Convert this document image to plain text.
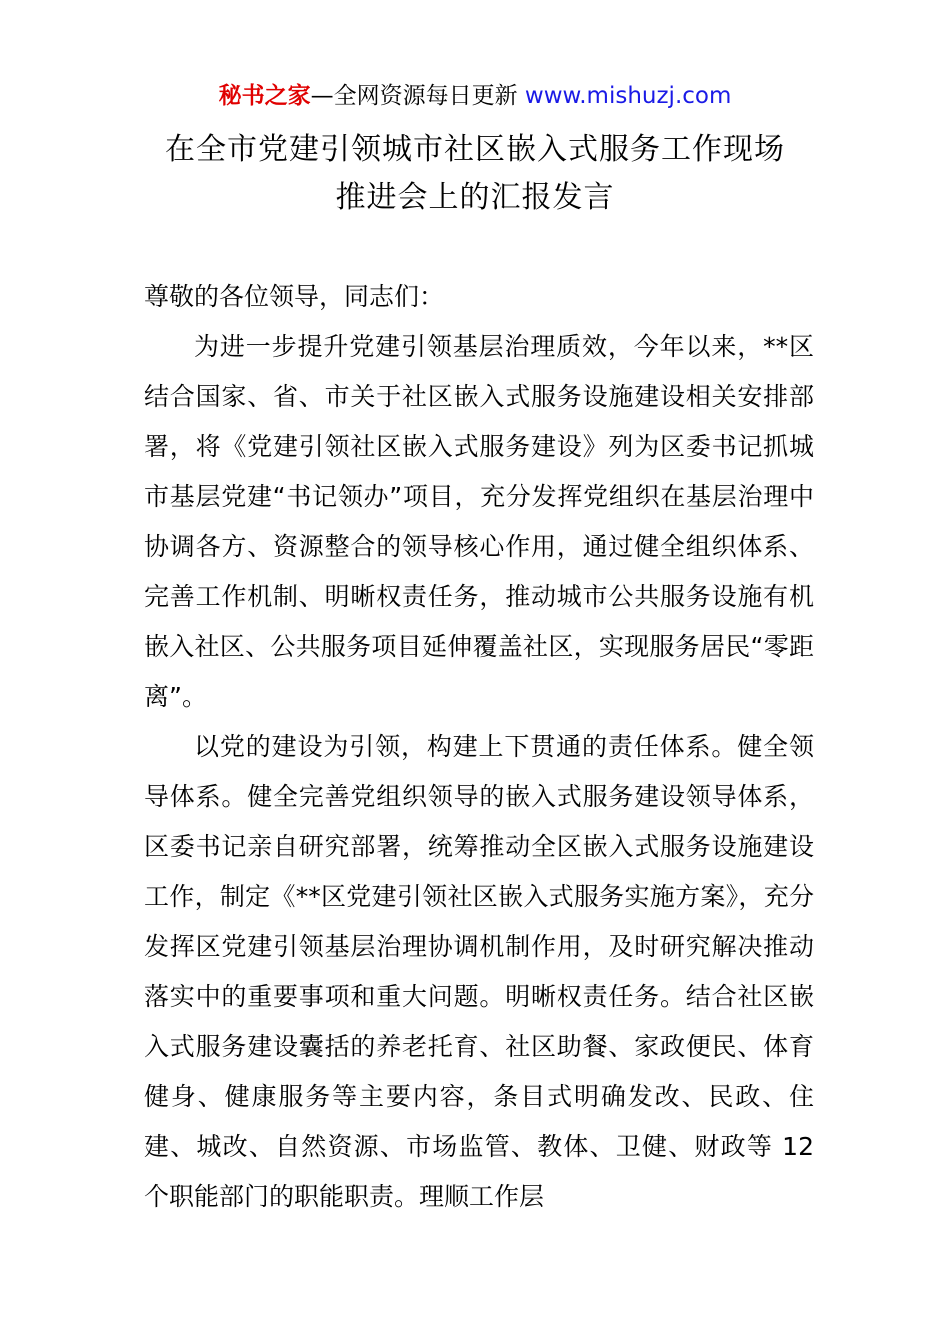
秘书之家—全网资源每日更新 www.mishuzj.com
在全市党建引领城市社区嵌入式服务工作现场
推进会上的汇报发言

尊敬的各位领导，同志们：

为进一步提升党建引领基层治理质效，今年以来，**区结合国家、省、市关于社区嵌入式服务设施建设相关安排部署，将《党建引领社区嵌入式服务建设》列为区委书记抓城市基层党建“书记领办”项目，充分发挥党组织在基层治理中协调各方、资源整合的领导核心作用，通过健全组织体系、完善工作机制、明晰权责任务，推动城市公共服务设施有机嵌入社区、公共服务项目延伸覆盖社区，实现服务居民“零距离”。

以党的建设为引领，构建上下贯通的责任体系。健全领导体系。健全完善党组织领导的嵌入式服务建设领导体系，区委书记亲自研究部署，统筹推动全区嵌入式服务设施建设工作，制定《**区党建引领社区嵌入式服务实施方案》，充分发挥区党建引领基层治理协调机制作用，及时研究解决推动落实中的重要事项和重大问题。明晰权责任务。结合社区嵌入式服务建设囊括的养老托育、社区助餐、家政便民、体育健身、健康服务等主要内容，条目式明确发改、民政、住建、城改、自然资源、市场监管、教体、卫健、财政等 12 个职能部门的职能职责。理顺工作层
